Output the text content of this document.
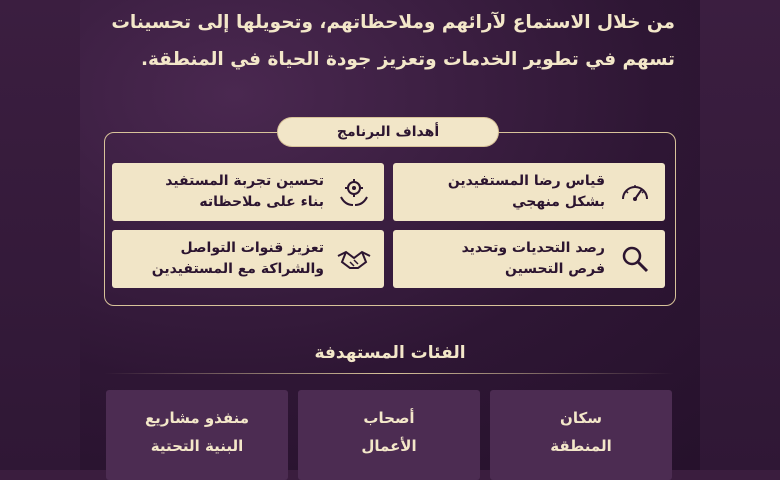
من خلال الاستماع لآرائهم وملاحظاتهم، وتحويلها إلى تحسينات
تسهم في تطوير الخدمات وتعزيز جودة الحياة في المنطقة.
أهداف البرنامج
قياس رضا المستفيدين
بشكل منهجي
تحسين تجربة المستفيد
بناء على ملاحظاته
رصد التحديات وتحديد
فرص التحسين
تعزيز قنوات التواصل
والشراكة مع المستفيدين
الفئات المستهدفة
سكان
المنطقة
أصحاب
الأعمال
منفذو مشاريع
البنية التحتية
